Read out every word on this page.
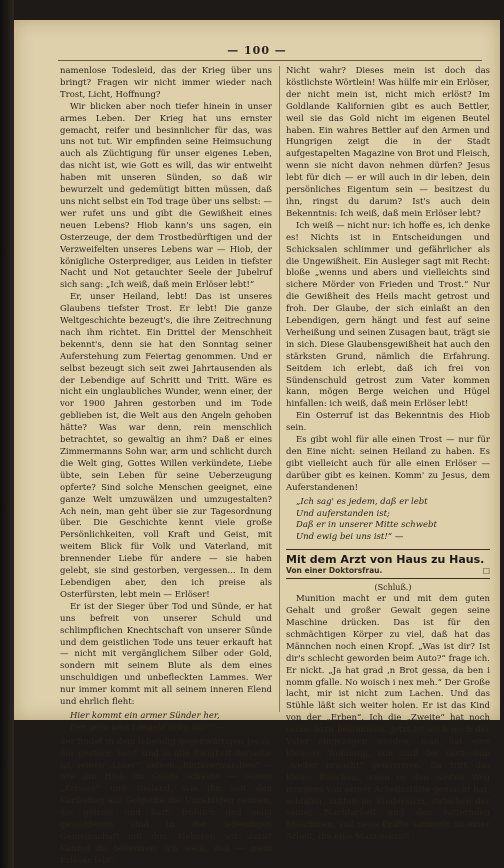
— 100 —

namenlose Todesleid, das der Krieg über uns bringt? Fragen wir nicht immer wieder nach Trost, Licht, Hoffnung?

Wir blicken aber noch tiefer hinein in unser armes Leben. Der Krieg hat uns ernster gemacht, reifer und besinnlicher für das, was uns not tut. Wir empfinden seine Heimsuchung auch als Züchtigung für unser eigenes Leben, das nicht ist, wie Gott es will, das wir entweiht haben mit unseren Sünden, so daß wir bewurzelt und gedemütigt bitten müssen, daß uns nicht selbst ein Tod trage über uns selbst: — wer rufet uns und gibt die Gewißheit eines neuen Lebens? Hiob kann's uns sagen, ein Osterzeuge, der dem Trostbedürftigen und der Verzweifelten unseres Lebens war — Hiob, der königliche Osterprediger, aus Leiden in tiefster Nacht und Not getauchter Seele der Jubelruf sich sang: „Ich weiß, daß mein Erlöser lebt!“

Er, unser Heiland, lebt! Das ist unseres Glaubens tiefster Trost. Er lebt! Die ganze Weltgeschichte bezeugt's, die ihre Zeitrechnung nach ihm richtet. Ein Drittel der Menschheit bekennt's, denn sie hat den Sonntag seiner Auferstehung zum Feiertag genommen. Und er selbst bezeugt sich seit zwei Jahrtausenden als der Lebendige auf Schritt und Tritt. Wäre es nicht ein unglaubliches Wunder, wenn einer, der vor 1900 Jahren gestorben und im Tode geblieben ist, die Welt aus den Angeln gehoben hätte? Was war denn, rein menschlich betrachtet, so gewaltig an ihm? Daß er eines Zimmermanns Sohn war, arm und schlicht durch die Welt ging, Gottes Willen verkündete, Liebe übte, sein Leben für seine Ueberzeugung opferte? Sind solche Menschen geeignet, eine ganze Welt umzuwälzen und umzugestalten? Ach nein, man geht über sie zur Tagesordnung über. Die Geschichte kennt viele große Persönlichkeiten, voll Kraft und Geist, mit weitem Blick für Volk und Vaterland, mit brennender Liebe für andere — sie haben gelebt, sie sind gestorben, vergessen... In dem Lebendigen aber, den ich preise als Osterfürsten, lebt mein — Erlöser!

Er ist der Sieger über Tod und Sünde, er hat uns befreit von unserer Schuld und schlimpflichen Knechtschaft von unserer Sünde und dem geistlichen Tode uns teuer erkauft hat — nicht mit vergänglichem Silber oder Gold, sondern mit seinem Blute als dem eines unschuldigen und unbefleckten Lammes. Wer nur immer kommt mit all seinem inneren Elend und ehrlich fleht:

Hier kommt ein armer Sünder her,
Der gern ums Lösgeld selig wär'“ —

der findet in dem lebendig gegenwärtigen Jesus, der gestern, heut' und in alle Ewigkeit derselbe ist, seinen „Löser“, seinen „Blutsverwandten“ — wie ihn Hiob im Geiste schaute — seinen „Erlöser“ und Heiland, wie ihn seit den Karfreitag auf Golgatha die Unzähligen nennen, die getrost und hart, fröhlich und selig gewordenen sind in der lebendigen Gemeinschaft mit ihm. Gehören wir dazu? Kannst du bekennen: Ich weiß, daß — mein Erlöser lebt?

Nicht wahr? Dieses mein ist doch das köstlichste Wörtlein! Was hülfe mir ein Erlöser, der nicht mein ist, nicht mich erlöst? Im Goldlande Kalifornien gibt es auch Bettler, weil sie das Gold nicht im eigenen Beutel haben. Ein wahres Bettler auf den Armen und Hungrigen zeigt die in der Stadt aufgestapelten Magazine von Brot und Fleisch, wenn sie nicht davon nehmen dürfen? Jesus lebt für dich — er will auch in dir leben, dein persönliches Eigentum sein — besitzest du ihn, ringst du darum? Ist's auch dein Bekenntnis: Ich weiß, daß mein Erlöser lebt?

Ich weiß — nicht nur: ich hoffe es, ich denke es! Nichts ist in Entscheidungen und Schicksalen schlimmer und gefährlicher als die Ungewißheit. Ein Ausleger sagt mit Recht: bloße „wenns und abers und vielleichts sind sichere Mörder von Frieden und Trost.“ Nur die Gewißheit des Heils macht getrost und froh. Der Glaube, der sich einlaßt an den Lebendigen, gern hängt und fest auf seine Verheißung und seinen Zusagen baut, trägt sie in sich. Diese Glaubensgewißheit hat auch den stärksten Grund, nämlich die Erfahrung. Seitdem ich erlebt, daß ich frei von Sündenschuld getrost zum Vater kommen kann, mögen Berge weichen und Hügel hinfallen: ich weiß, daß mein Erlöser lebt!

Ein Osterruf ist das Bekenntnis des Hiob sein.

Es gibt wohl für alle einen Trost — nur für den Eine nicht: seinen Heiland zu haben. Es gibt vielleicht auch für alle einen Erlöser — darüber gibt es keinen. Komm' zu Jesus, dem Auferstandenen!

„Ich sag' es jedem, daß er lebt
Und auferstanden ist;
Daß er in unserer Mitte schwebt
Und ewig bei uns ist!“ —
Mit dem Arzt von Haus zu Haus.
Von einer Doktorsfrau.	□

(Schluß.)

Munition macht er und mit dem guten Gehalt und großer Gewalt gegen seine Maschine drücken. Das ist für den schmächtigen Körper zu viel, daß hat das Männchen noch einen Kropf. „Was ist dir? Ist dir's schlecht geworden beim Auto?“ frage ich. Er nickt. „Ja hat grad ‚n Brot gessa, da ben i nomm gfalle. No woisch i nex meh.“ Der Große lacht, mir ist nicht zum Lachen. Und das Stühle läßt sich weiter holen. Er ist das Kind von der „Erben“. Ich die „Zweite“ hat noch sechs dazu bekommen. Jetzt ist auch noch der Vater eingezogen worden; man hat eine kleinere Wohnung, nun muß der Gottesbub „weiter braucht“ genommen. Da tritt das kleine Bübchen, wenn es den weiten Weg morgens von seiner Arbeitsstätte gemacht hat, schlafen, mitten im Kinderlärm, zwischen der seiner Nachtarbeit und den ratternden Maschinen, soll neue Kräfte sammeln zu einer Arbeit, die eine Manneskraft
